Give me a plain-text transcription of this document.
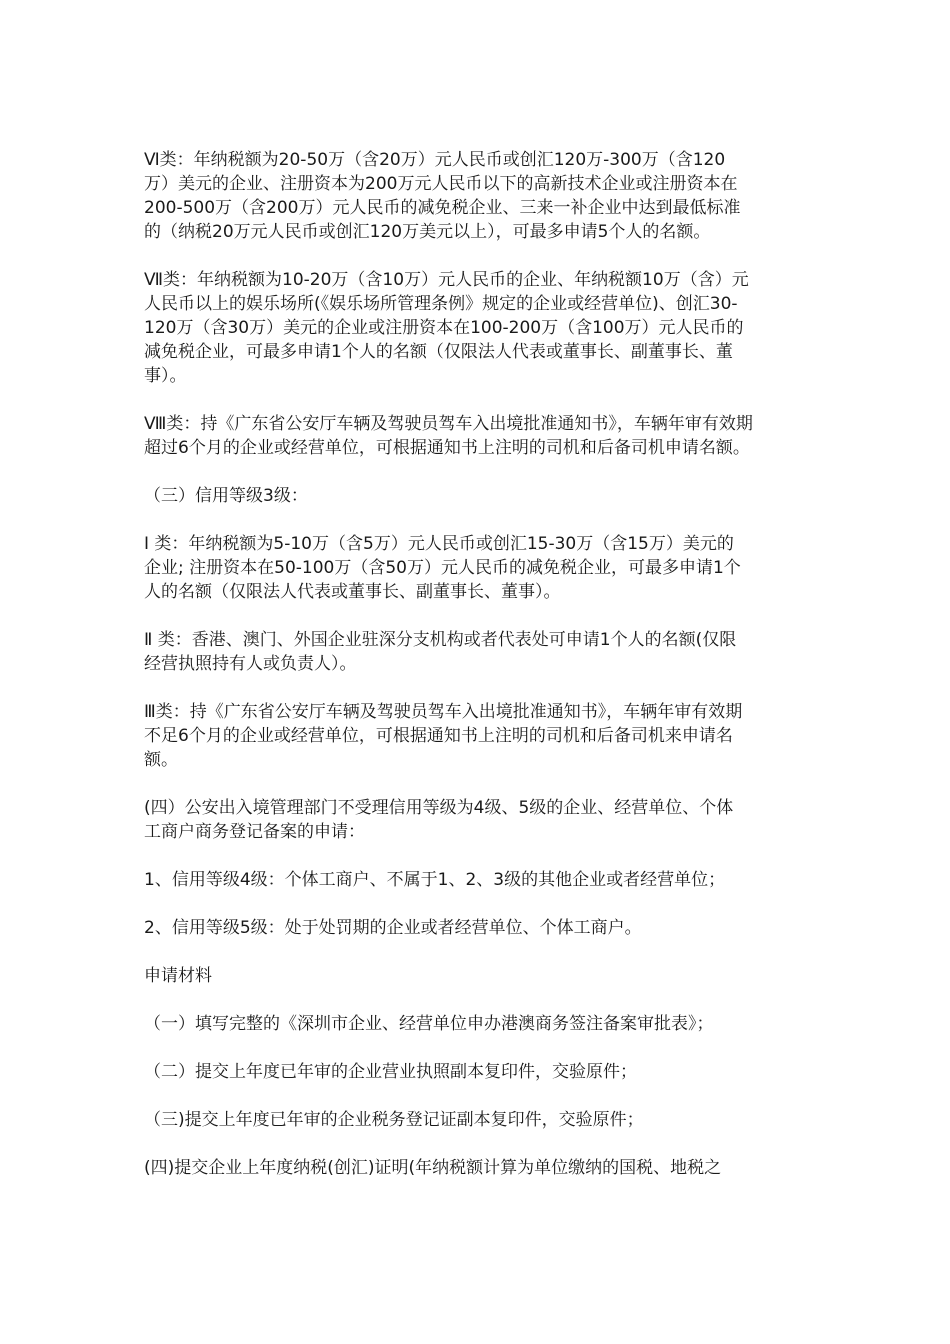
Ⅵ类：年纳税额为20-50万（含20万）元人民币或创汇120万-300万（含120
万）美元的企业、注册资本为200万元人民币以下的高新技术企业或注册资本在
200-500万（含200万）元人民币的减免税企业、三来一补企业中达到最低标准
的（纳税20万元人民币或创汇120万美元以上），可最多申请5个人的名额。

Ⅶ类：年纳税额为10-20万（含10万）元人民币的企业、年纳税额10万（含）元
人民币以上的娱乐场所(《娱乐场所管理条例》规定的企业或经营单位)、创汇30-
120万（含30万）美元的企业或注册资本在100-200万（含100万）元人民币的
减免税企业，可最多申请1个人的名额（仅限法人代表或董事长、副董事长、董
事）。

Ⅷ类：持《广东省公安厅车辆及驾驶员驾车入出境批准通知书》，车辆年审有效期
超过6个月的企业或经营单位，可根据通知书上注明的司机和后备司机申请名额。

（三）信用等级3级：

Ⅰ 类：年纳税额为5-10万（含5万）元人民币或创汇15-30万（含15万）美元的
企业; 注册资本在50-100万（含50万）元人民币的减免税企业，可最多申请1个
人的名额（仅限法人代表或董事长、副董事长、董事）。

Ⅱ 类：香港、澳门、外国企业驻深分支机构或者代表处可申请1个人的名额(仅限
经营执照持有人或负责人）。

Ⅲ类：持《广东省公安厅车辆及驾驶员驾车入出境批准通知书》，车辆年审有效期
不足6个月的企业或经营单位，可根据通知书上注明的司机和后备司机来申请名
额。

(四）公安出入境管理部门不受理信用等级为4级、5级的企业、经营单位、个体
工商户商务登记备案的申请：

1、信用等级4级：个体工商户、不属于1、2、3级的其他企业或者经营单位；

2、信用等级5级：处于处罚期的企业或者经营单位、个体工商户。

申请材料

（一）填写完整的《深圳市企业、经营单位申办港澳商务签注备案审批表》；

（二）提交上年度已年审的企业营业执照副本复印件，交验原件；

（三)提交上年度已年审的企业税务登记证副本复印件，交验原件；

(四)提交企业上年度纳税(创汇)证明(年纳税额计算为单位缴纳的国税、地税之
